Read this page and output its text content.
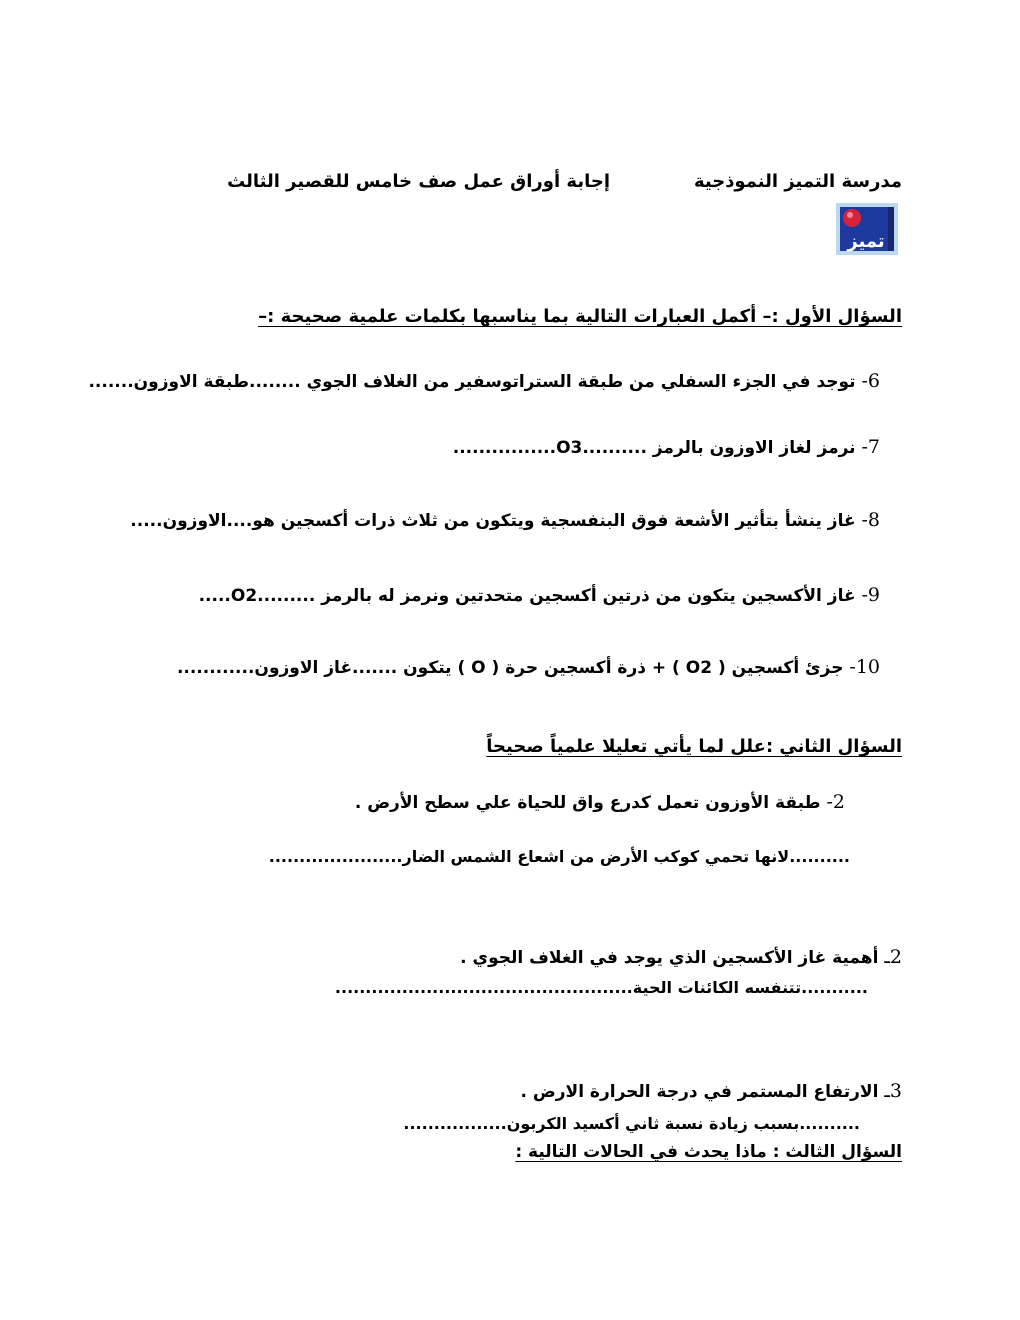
مدرسة التميز النموذجية
إجابة أوراق عمل صف خامس للقصير الثالث
تميز
السؤال الأول :– أكمل العبارات التالية بما يناسبها بكلمات علمية صحيحة :–
6- توجد في الجزء السفلي من طبقة الستراتوسفير من الغلاف الجوي ........طبقة الاوزون.......
7- نرمز لغاز الاوزون بالرمز ..........O3................
8- غاز ينشأ بتأثير الأشعة فوق البنفسجية ويتكون من ثلاث ذرات أكسجين هو....الاوزون.....
9- غاز الأكسجين يتكون من ذرتين أكسجين متحدتين ونرمز له بالرمز .........O2.....
10- جزئ أكسجين ( O2 ) + ذرة أكسجين حرة ( O ) يتكون .......غاز الاوزون............
السؤال الثاني :علل لما يأتي تعليلا علمياً صحيحاً
2- طبقة الأوزون تعمل كدرع واق للحياة علي سطح الأرض .
..........لانها تحمي كوكب الأرض من اشعاع الشمس الضار......................
2ـ أهمية غاز الأكسجين الذي يوجد في الغلاف الجوي .
...........تتنفسه الكائنات الحية.................................................
3ـ الارتفاع المستمر في درجة الحرارة الارض .
..........بسبب زيادة نسبة ثاني أكسيد الكربون.................
السؤال الثالث : ماذا يحدث في الحالات التالية :
